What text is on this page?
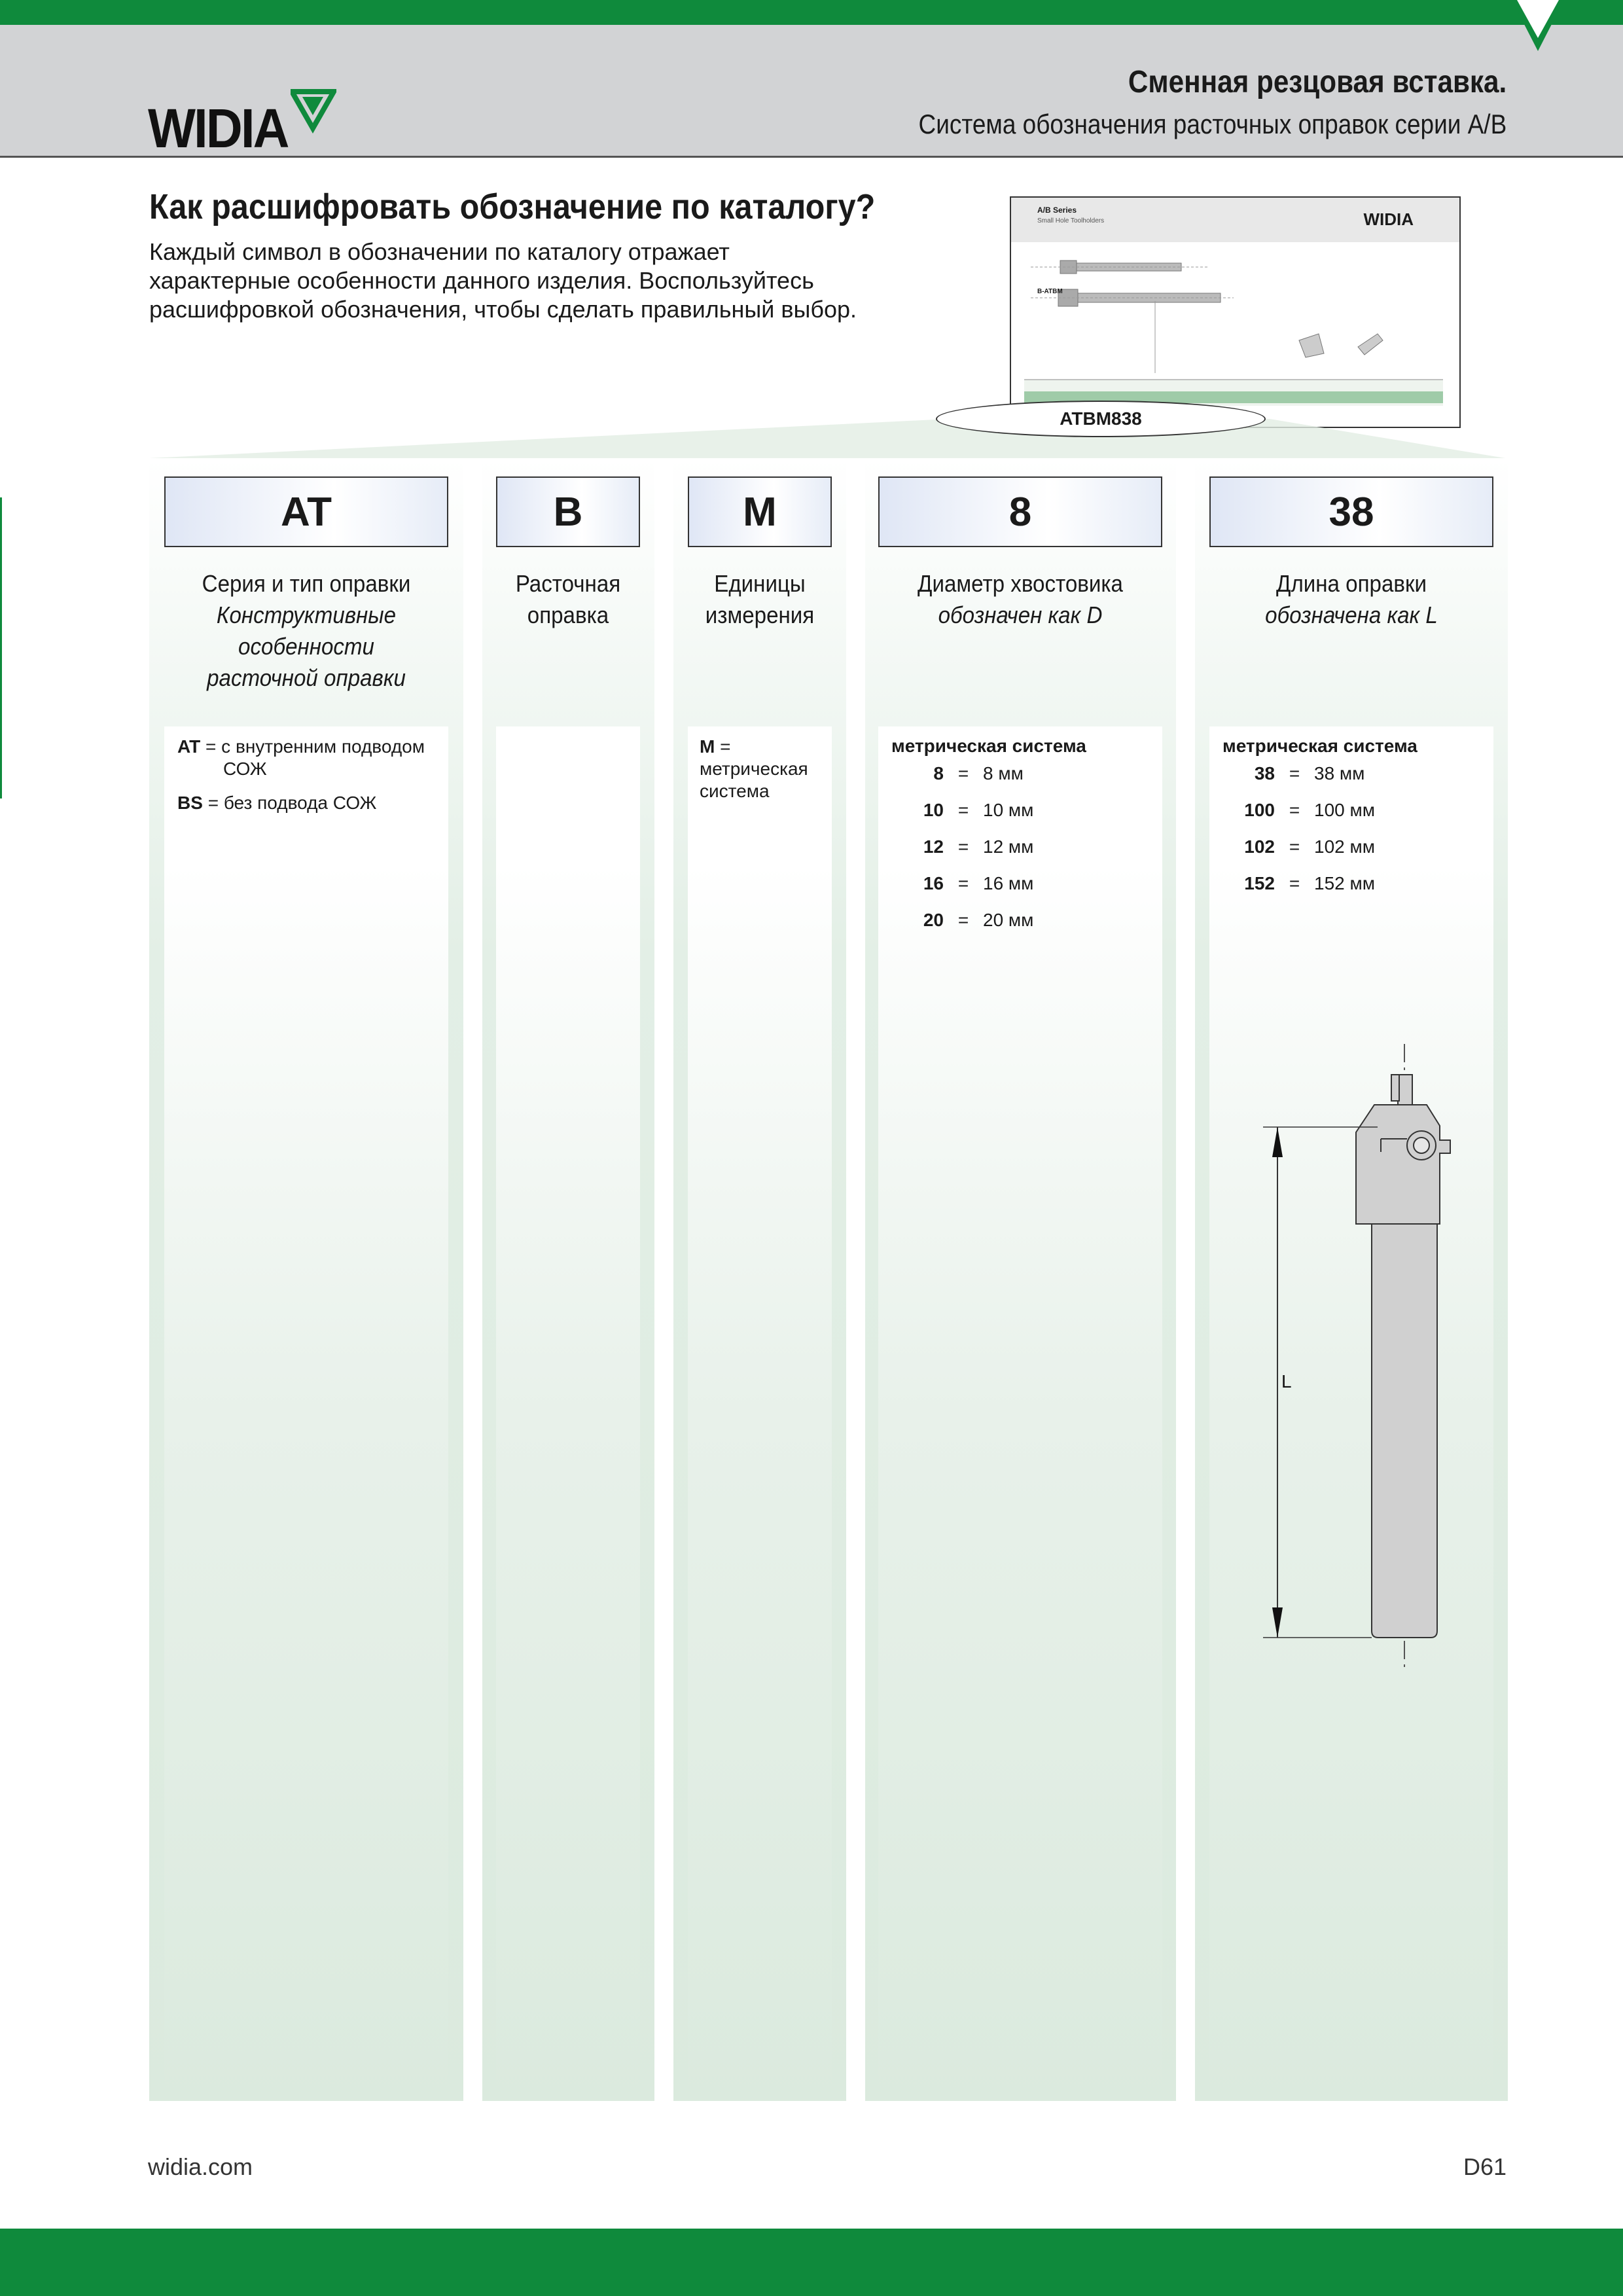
WIDIA
Сменная резцовая вставка.
Система обозначения расточных оправок серии A/B
Как расшифровать обозначение по каталогу?
Каждый символ в обозначении по каталогу отражает
характерные особенности данного изделия. Воспользуйтесь
расшифровкой обозначения, чтобы сделать правильный выбор.
A/B Series
Small Hole Toolholders	WIDIA
B-ATBM
ATBM838
AT
Серия и тип оправки
Конструктивные
особенности
расточной оправки
AT = с внутренним подводом
СОЖ
BS = без подвода СОЖ
B
Расточная
оправка
M
Единицы
измерения
M =
метрическая
система
8
Диаметр хвостовика
обозначен как D
метрическая система
8 = 8 мм
10 = 10 мм
12 = 12 мм
16 = 16 мм
20 = 20 мм
38
Длина оправки
обозначена как L
метрическая система
38 = 38 мм
100 = 100 мм
102 = 102 мм
152 = 152 мм
L
widia.com	D61
